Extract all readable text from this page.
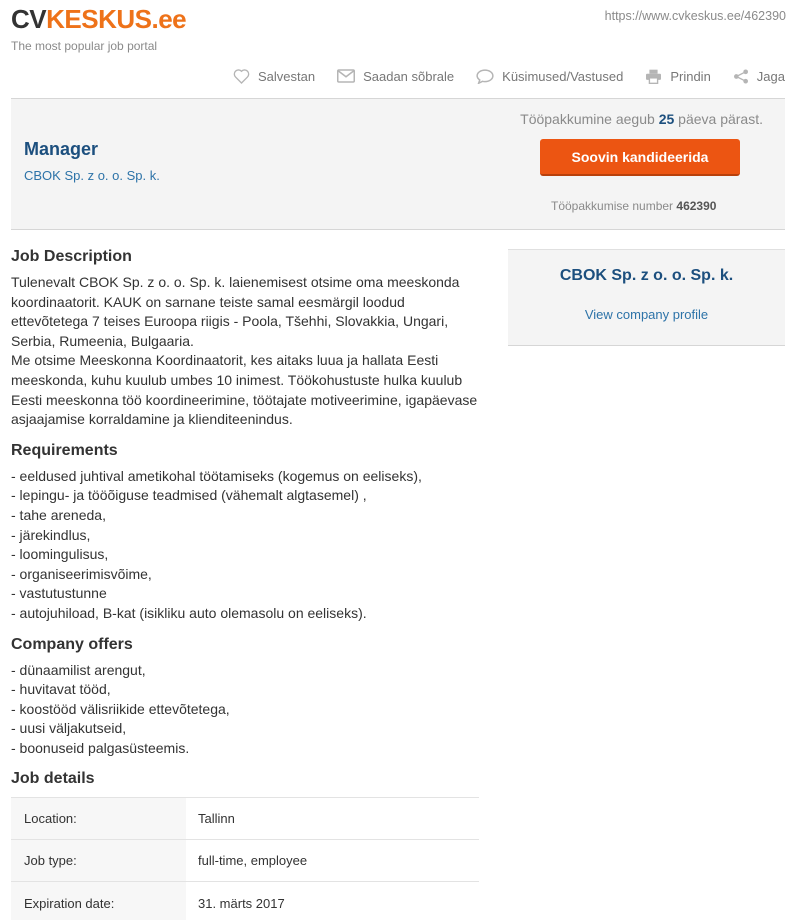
CVKESKUS.ee
The most popular job portal
https://www.cvkeskus.ee/462390
Salvestan	Saadan sõbrale	Küsimused/Vastused	Prindin	Jaga
Manager
CBOK Sp. z o. o. Sp. k.
Tööpakkumine aegub 25 päeva pärast.
Soovin kandideerida
Tööpakkumise number 462390
Job Description

Tulenevalt CBOK Sp. z o. o. Sp. k. laienemisest otsime oma meeskonda koordinaatorit. KAUK on sarnane teiste samal eesmärgil loodud ettevõtetega 7 teises Euroopa riigis - Poola, Tšehhi, Slovakkia, Ungari, Serbia, Rumeenia, Bulgaaria.

Me otsime Meeskonna Koordinaatorit, kes aitaks luua ja hallata Eesti meeskonda, kuhu kuulub umbes 10 inimest. Töökohustuste hulka kuulub Eesti meeskonna töö koordineerimine, töötajate motiveerimine, igapäevase asjaajamise korraldamine ja klienditeenindus.

Requirements
- eeldused juhtival ametikohal töötamiseks (kogemus on eeliseks),
- lepingu- ja tööõiguse teadmised (vähemalt algtasemel) ,
- tahe areneda,
- järekindlus,
- loomingulisus,
- organiseerimisvõime,
- vastutustunne
- autojuhiload, B-kat (isikliku auto olemasolu on eeliseks).
Company offers
- dünaamilist arengut,
- huvitavat tööd,
- koostööd välisriikide ettevõtetega,
- uusi väljakutseid,
- boonuseid palgasüsteemis.
Job details
Location:	Tallinn
Job type:	full-time, employee
Expiration date:	31. märts 2017
CBOK Sp. z o. o. Sp. k.
View company profile
